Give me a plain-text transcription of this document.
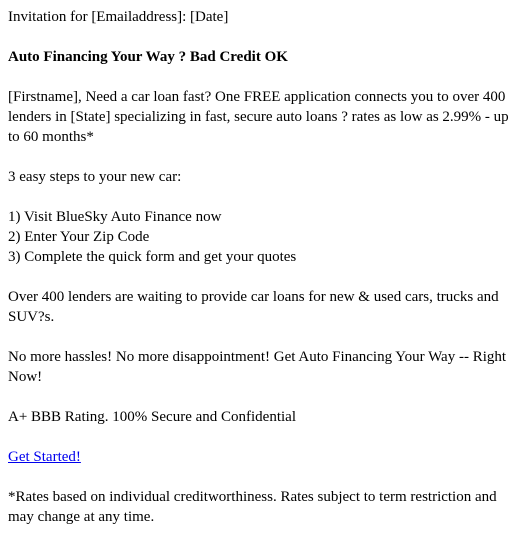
Invitation for [Emailaddress]: [Date]

Auto Financing Your Way ? Bad Credit OK

[Firstname], Need a car loan fast? One FREE application connects you to over 400 lenders in [State] specializing in fast, secure auto loans ? rates as low as 2.99% - up to 60 months*

3 easy steps to your new car:

1) Visit BlueSky Auto Finance now

2) Enter Your Zip Code

3) Complete the quick form and get your quotes

Over 400 lenders are waiting to provide car loans for new & used cars, trucks and SUV?s.

No more hassles! No more disappointment! Get Auto Financing Your Way -- Right Now!

A+ BBB Rating. 100% Secure and Confidential

Get Started!

*Rates based on individual creditworthiness. Rates subject to term restriction and may change at any time.
